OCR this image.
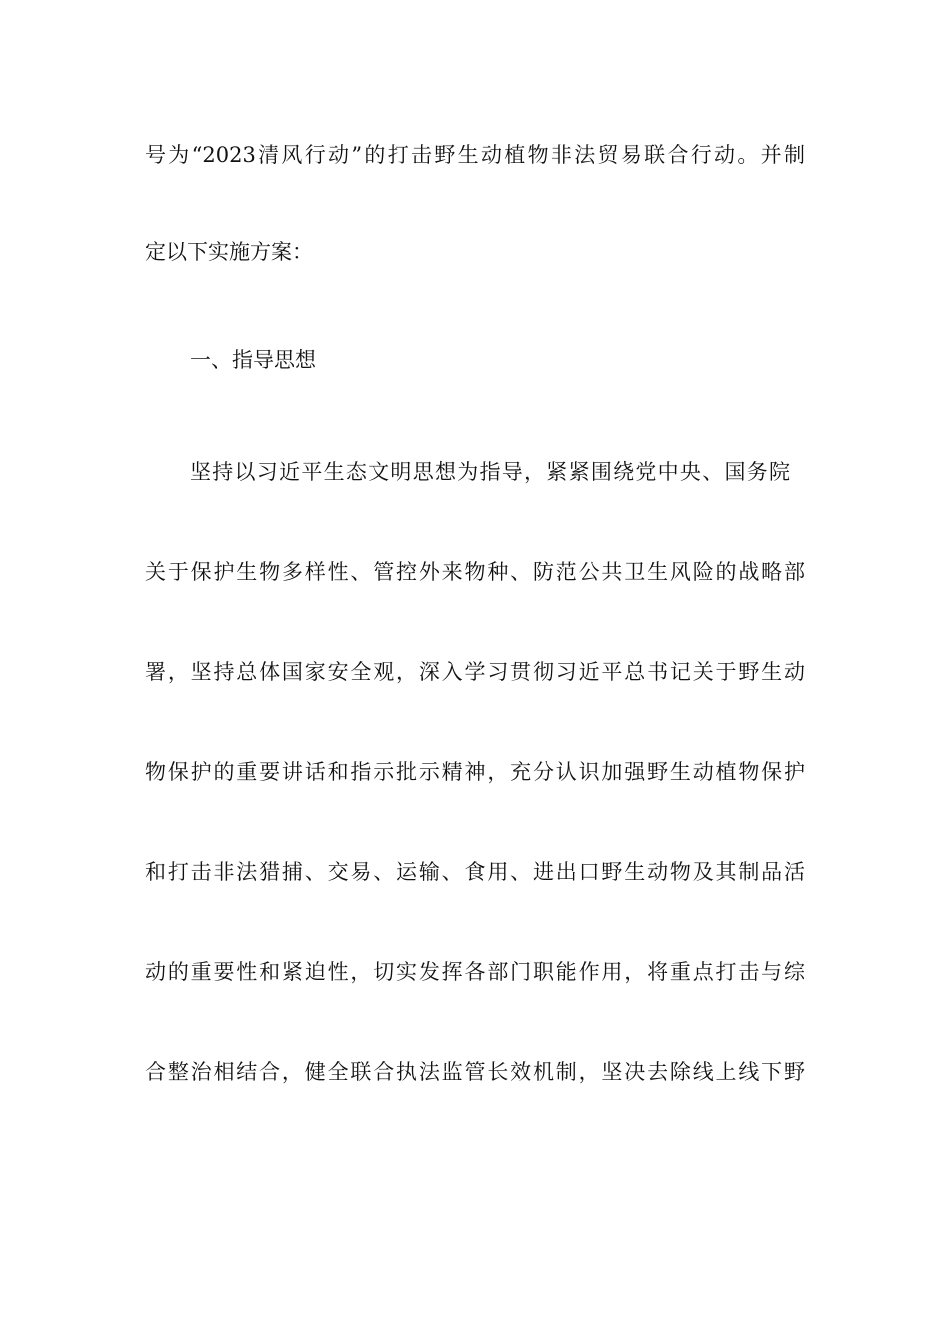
号为“2023清风行动”的打击野生动植物非法贸易联合行动。并制
定以下实施方案：
一、指导思想
坚持以习近平生态文明思想为指导，紧紧围绕党中央、国务院
关于保护生物多样性、管控外来物种、防范公共卫生风险的战略部
署，坚持总体国家安全观，深入学习贯彻习近平总书记关于野生动
物保护的重要讲话和指示批示精神，充分认识加强野生动植物保护
和打击非法猎捕、交易、运输、食用、进出口野生动物及其制品活
动的重要性和紧迫性，切实发挥各部门职能作用，将重点打击与综
合整治相结合，健全联合执法监管长效机制，坚决去除线上线下野
